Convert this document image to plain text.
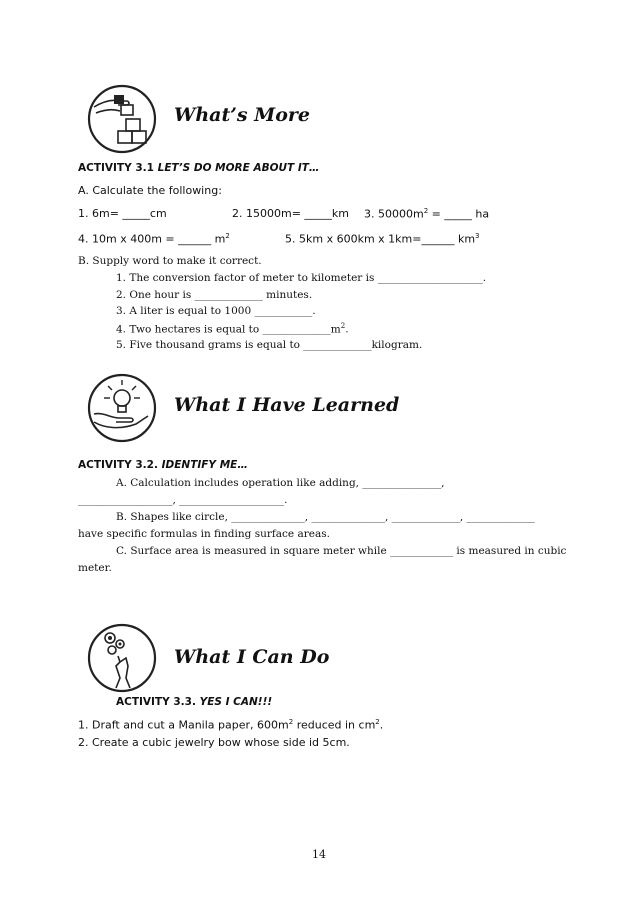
What’s More
ACTIVITY 3.1 LET’S DO MORE ABOUT IT…
A. Calculate the following:
1. 6m= _____cm	2. 15000m= _____km 3. $50000m^2$ = _____ ha
4. 10m x 400m = ______ $m^2$	5. 5km x 600km x 1km=______ $km^3$
B. Supply word to make it correct.
1. The conversion factor of meter to kilometer is ____________________.
2. One hour is _____________ minutes.
3. A liter is equal to 1000 ___________.
4. Two hectares is equal to $\_\_\_\_\_\_\_\_\_\_\_\_\_m^2$.
5. Five thousand grams is equal to _____________kilogram.
What I Have Learned
ACTIVITY 3.2. IDENTIFY ME…
A. Calculation includes operation like adding, _______________,
__________________, ____________________.
B. Shapes like circle, ______________, ______________, _____________, _____________
have specific formulas in finding surface areas.
C. Surface area is measured in square meter while ____________ is measured in cubic
meter.
What I Can Do
ACTIVITY 3.3. YES I CAN!!!
1. Draft and cut a Manila paper, $600m^2$ reduced in $cm^2$.
2. Create a cubic jewelry bow whose side id 5cm.
14
